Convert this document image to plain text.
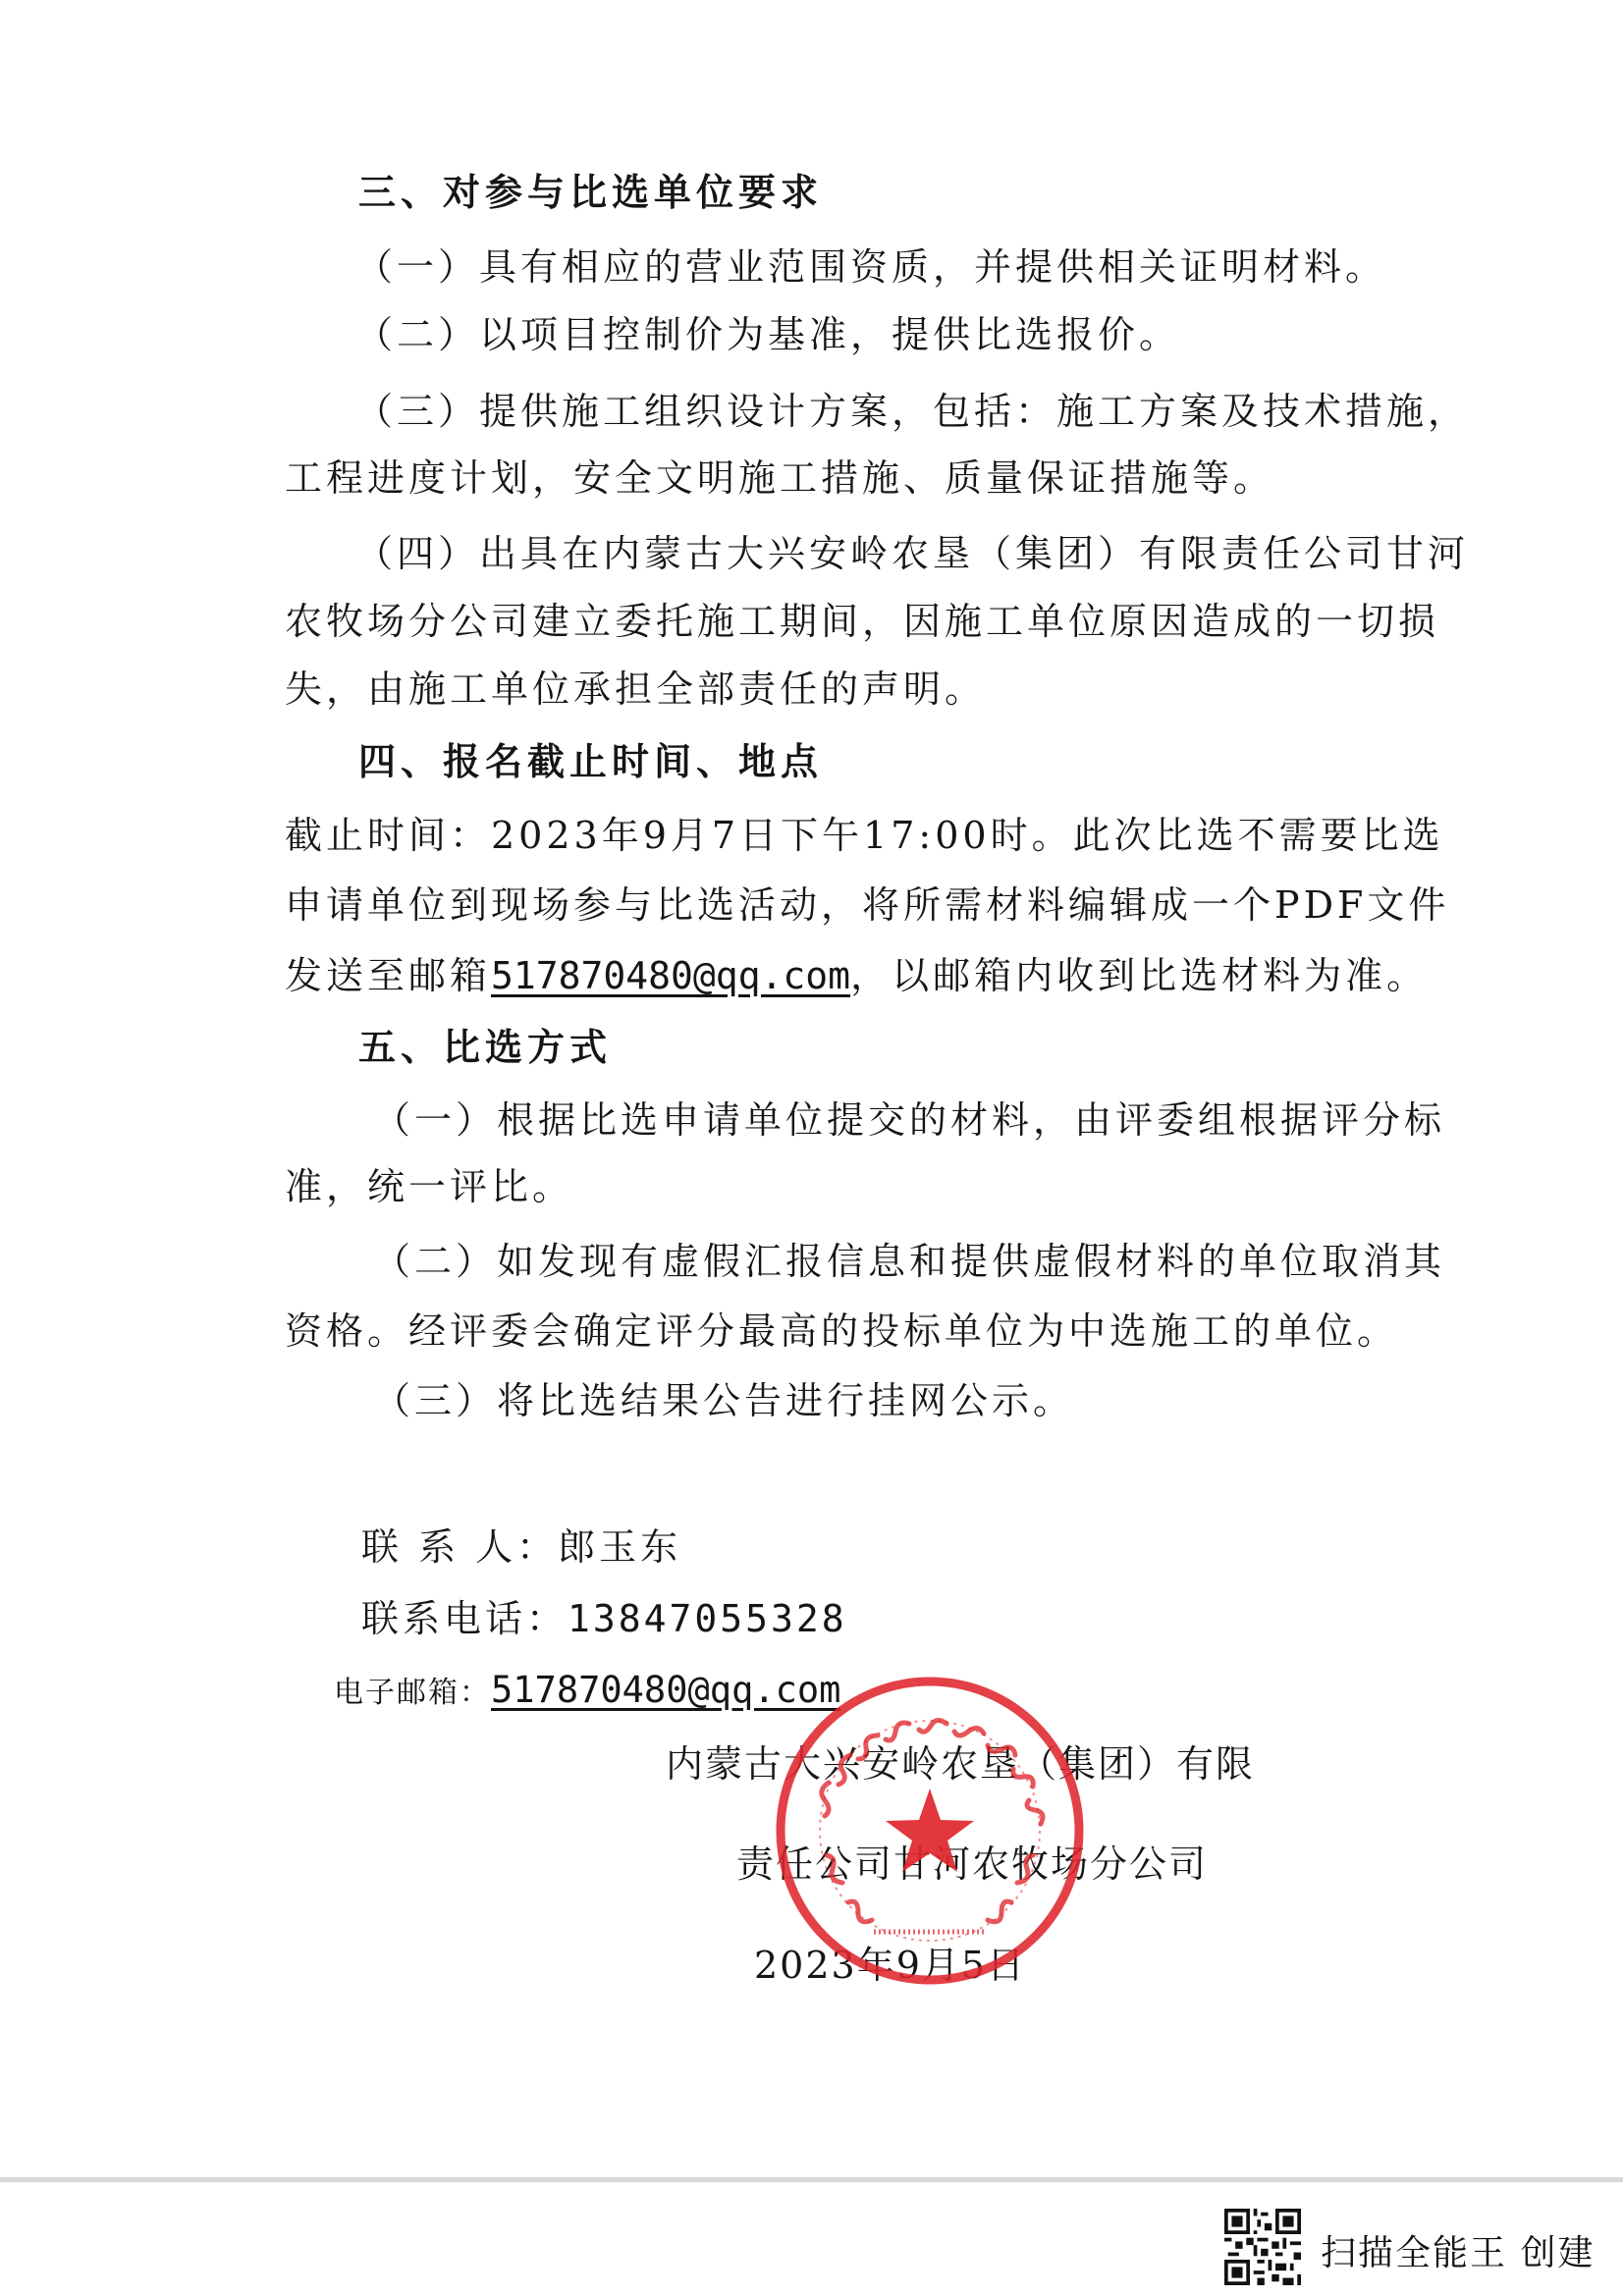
三、对参与比选单位要求
（一）具有相应的营业范围资质，并提供相关证明材料。
（二）以项目控制价为基准，提供比选报价。
（三）提供施工组织设计方案，包括：施工方案及技术措施，
工程进度计划，安全文明施工措施、质量保证措施等。
（四）出具在内蒙古大兴安岭农垦（集团）有限责任公司甘河
农牧场分公司建立委托施工期间，因施工单位原因造成的一切损
失，由施工单位承担全部责任的声明。
四、报名截止时间、地点
截止时间：2023年9月7日下午17:00时。此次比选不需要比选
申请单位到现场参与比选活动，将所需材料编辑成一个PDF文件
发送至邮箱517870480@qq.com，以邮箱内收到比选材料为准。
五、比选方式
（一）根据比选申请单位提交的材料，由评委组根据评分标
准，统一评比。
（二）如发现有虚假汇报信息和提供虚假材料的单位取消其
资格。经评委会确定评分最高的投标单位为中选施工的单位。
（三）将比选结果公告进行挂网公示。
联 系 人：郎玉东
联系电话：13847055328
电子邮箱：517870480@qq.com
内蒙古大兴安岭农垦（集团）有限
责任公司甘河农牧场分公司
2023年9月5日
扫描全能王 创建
